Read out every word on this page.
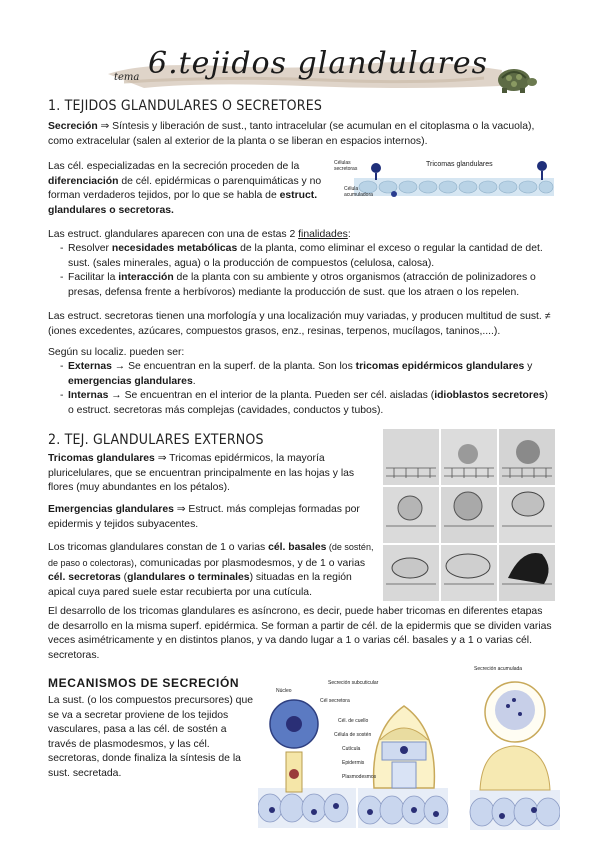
tema 6.tejidos glandulares
1. TEJIDOS GLANDULARES O SECRETORES

Secreción ⇒ Síntesis y liberación de sust., tanto intracelular (se acumulan en el citoplasma o la vacuola), como extracelular (salen al exterior de la planta o se liberan en espacios internos).

Las cél. especializadas en la secreción proceden de la diferenciación de cél. epidérmicas o parenquimáticas y no forman verdaderos tejidos, por lo que se habla de estruct. glandulares o secretoras.

Células secretoras
Tricomas glandulares
Célula acumuladora

Las estruct. glandulares aparecen con una de estas 2 finalidades:

- Resolver necesidades metabólicas de la planta, como eliminar el exceso o regular la cantidad de det. sust. (sales minerales, agua) o la producción de compuestos (celulosa, calosa).
- Facilitar la interacción de la planta con su ambiente y otros organismos (atracción de polinizadores o presas, defensa frente a herbívoros) mediante la producción de sust. que los atraen o los repelen.

Las estruct. secretoras tienen una morfología y una localización muy variadas, y producen multitud de sust. ≠ (iones excedentes, azúcares, compuestos grasos, enz., resinas, terpenos, mucílagos, taninos,....).

Según su localiz. pueden ser:

- Externas → Se encuentran en la superf. de la planta. Son los tricomas epidérmicos glandulares y emergencias glandulares.
- Internas → Se encuentran en el interior de la planta. Pueden ser cél. aisladas (idioblastos secretores) o estruct. secretoras más complejas (cavidades, conductos y tubos).
2. TEJ. GLANDULARES EXTERNOS

Tricomas glandulares ⇒ Tricomas epidérmicos, la mayoría pluricelulares, que se encuentran principalmente en las hojas y las flores (muy abundantes en los pétalos).

Emergencias glandulares ⇒ Estruct. más complejas formadas por epidermis y tejidos subyacentes.

Los tricomas glandulares constan de 1 o varias cél. basales (de sostén, de paso o colectoras), comunicadas por plasmodesmos, y de 1 o varias cél. secretoras (glandulares o terminales) situadas en la región apical cuya pared suele estar recubierta por una cutícula.

El desarrollo de los tricomas glandulares es asíncrono, es decir, puede haber tricomas en diferentes etapas de desarrollo en la misma superf. epidérmica. Se forman a partir de cél. de la epidermis que se dividen varias veces asimétricamente y en distintos planos, y va dando lugar a 1 o varias cél. basales y a 1 o varias cél. secretoras.

MECANISMOS DE SECRECIÓN

La sust. (o los compuestos precursores) que se va a secretar proviene de los tejidos vasculares, pasa a las cél. de sostén a través de plasmodesmos, y las cél. secretoras, donde finaliza la síntesis de la sust. secretada.

Núcleo
Secreción subcuticular
Cél secretora
Cél. de cuello
Célula de sostén
Cutícula
Epidermis
Plasmodesmos
Secreción acumulada
